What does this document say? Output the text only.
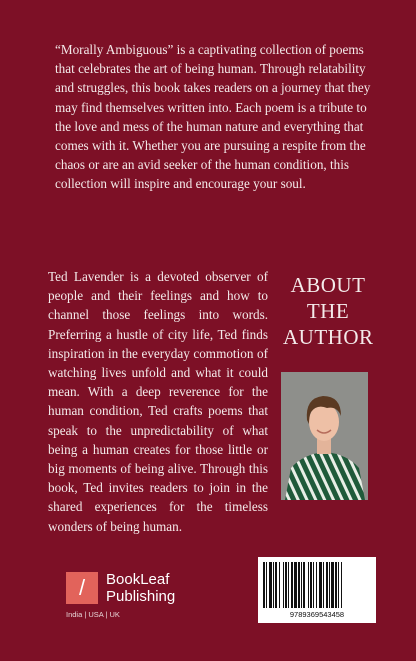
“Morally Ambiguous” is a captivating collection of poems that celebrates the art of being human. Through relatability and struggles, this book takes readers on a journey that they may find themselves written into. Each poem is a tribute to the love and mess of the human nature and everything that comes with it. Whether you are pursuing a respite from the chaos or are an avid seeker of the human condition, this collection will inspire and encourage your soul.
Ted Lavender is a devoted observer of people and their feelings and how to channel those feelings into words. Preferring a hustle of city life, Ted finds inspiration in the everyday commotion of watching lives unfold and what it could mean. With a deep reverence for the human condition, Ted crafts poems that speak to the unpredictability of what being a human creates for those little or big moments of being alive. Through this book, Ted invites readers to join in the shared experiences for the timeless wonders of being human.
ABOUT
THE
AUTHOR
/	BookLeaf
Publishing
India | USA | UK	9789369543458
